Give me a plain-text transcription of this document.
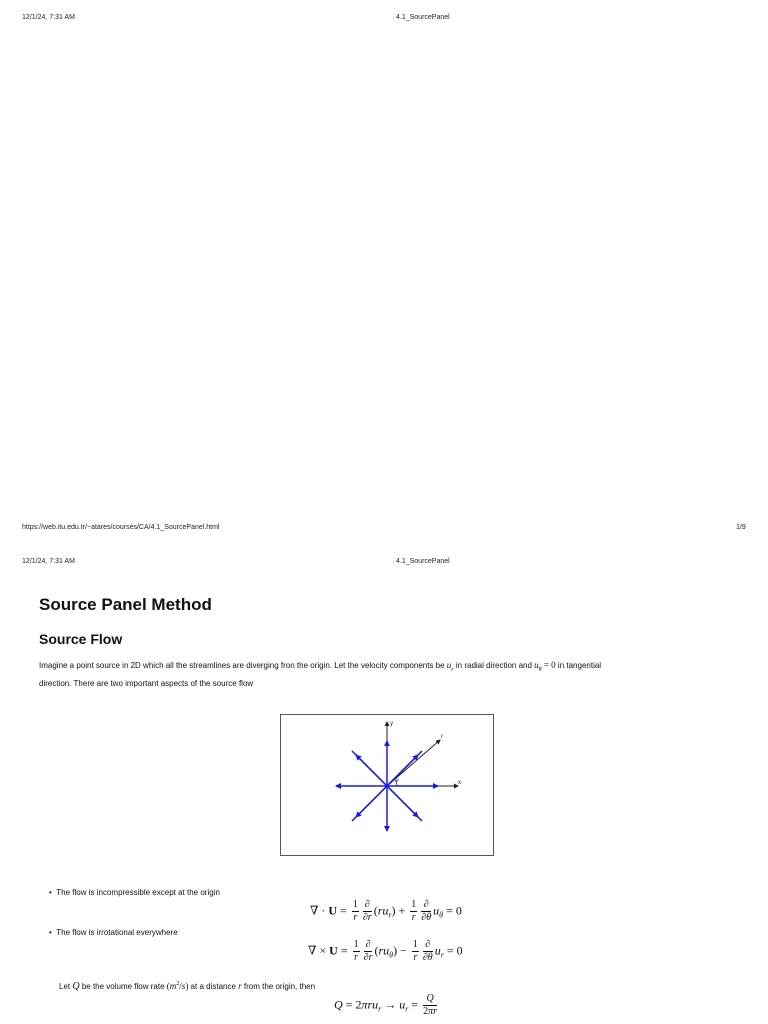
12/1/24, 7:31 AM	4.1_SourcePanel
https://web.itu.edu.tr/~atares/courses/CA/4.1_SourcePanel.html	1/9
12/1/24, 7:31 AM	4.1_SourcePanel
Source Panel Method
Source Flow
Imagine a point source in 2D which all the streamlines are diverging fron the origin. Let the velocity components be $u_r$ in radial direction and $u_\theta = 0$ in tangential
direction. There are two important aspects of the source flow
y
x
r
θ
• The flow is incompressible except at the origin
∇ · $U = \frac{1}{r} \frac{\partial}{\partial r} (ru_r) + \frac{1}{r} \frac{\partial}{\partial\theta} u_\theta = 0$
• The flow is irrotational everywhere
∇ × $U = \frac{1}{r} \frac{\partial}{\partial r} (ru_\theta) - \frac{1}{r} \frac{\partial}{\partial\theta} u_r = 0$
Let Q be the volume flow rate $(m^2/s)$ at a distance r from the origin, then
$Q = 2\pi ru_r \to u_r = \frac{Q}{2\pi r}$
